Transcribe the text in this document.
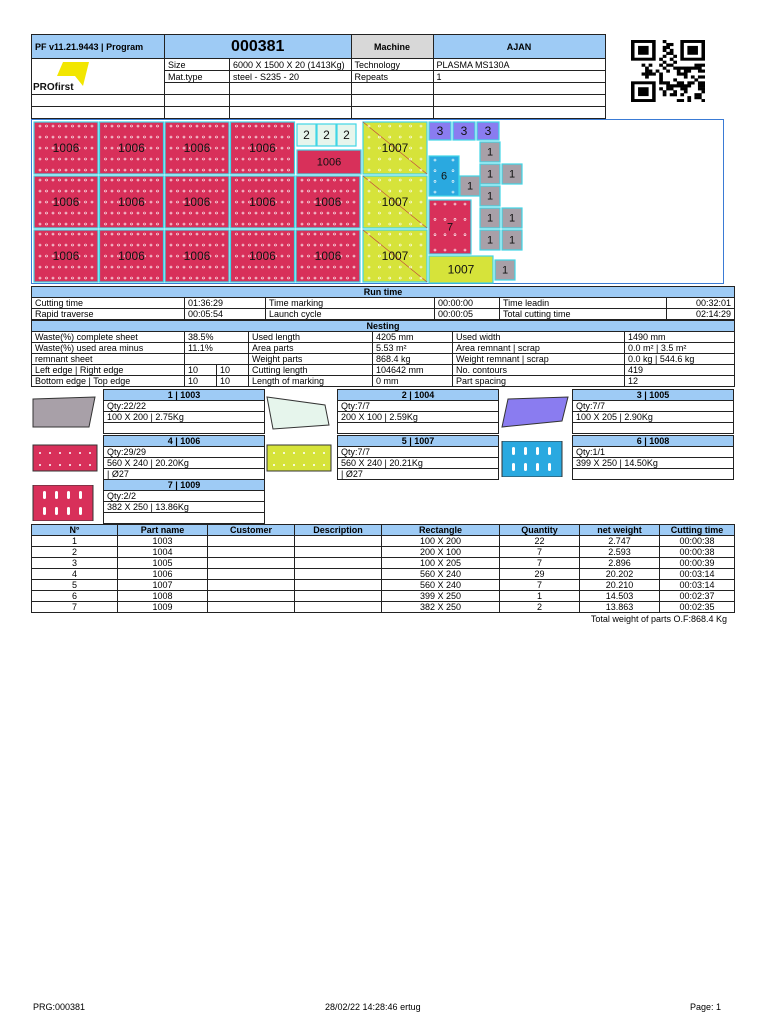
PF v11.21.9443 | Program	000381		Machine	AJAN	
	Size	6000 X 1500 X 20 (1413Kg)	Technology	PLASMA MS130A	
	Mat.type	steel - S235 - 20	Repeats	1	

PROfirst
1006	1006	1006	1006
1006	1006	1006	1006	1006
1006	1006	1006	1006	1006
2 2 2
1006
1007
1007
1007
3 3 3
6
7
1007
1
1 1
1
1
1
1
1
1
1
Run time					
Cutting time	01:36:29	Time marking	00:00:00	Time leadin	00:32:01
Rapid traverse	00:05:54	Launch cycle	00:00:05	Total cutting time	02:14:29
Nesting						
Waste(%) complete sheet	38.5%		Used length	4205 mm	Used width	1490 mm
Waste(%) used area minus	11.1%		Area parts	5.53 m²	Area remnant | scrap	0.0 m² | 3.5 m²
remnant sheet			Weight parts	868.4 kg	Weight remnant | scrap	0.0 kg | 544.6 kg
Left edge | Right edge	10	10	Cutting length	104642 mm	No. contours	419
Bottom edge | Top edge	10	10	Length of marking	0 mm	Part spacing	12
1 | 1003
Qty:22/22
100 X 200 | 2.75Kg

2 | 1004
Qty:7/7
200 X 100 | 2.59Kg

3 | 1005
Qty:7/7
100 X 205 | 2.90Kg

4 | 1006
Qty:29/29
560 X 240 | 20.20Kg
| Ø27
5 | 1007
Qty:7/7
560 X 240 | 20.21Kg
| Ø27
6 | 1008
Qty:1/1
399 X 250 | 14.50Kg

7 | 1009
Qty:2/2
382 X 250 | 13.86Kg

N°	Part name	Customer	Description	Rectangle	Quantity	net weight	Cutting time
1	1003			100 X 200	22	2.747	00:00:38
2	1004			200 X 100	7	2.593	00:00:38
3	1005			100 X 205	7	2.896	00:00:39
4	1006			560 X 240	29	20.202	00:03:14
5	1007			560 X 240	7	20.210	00:03:14
6	1008			399 X 250	1	14.503	00:02:37
7	1009			382 X 250	2	13.863	00:02:35
Total weight of parts O.F:868.4 Kg
PRG:000381	28/02/22 14:28:46 ertug	Page: 1
